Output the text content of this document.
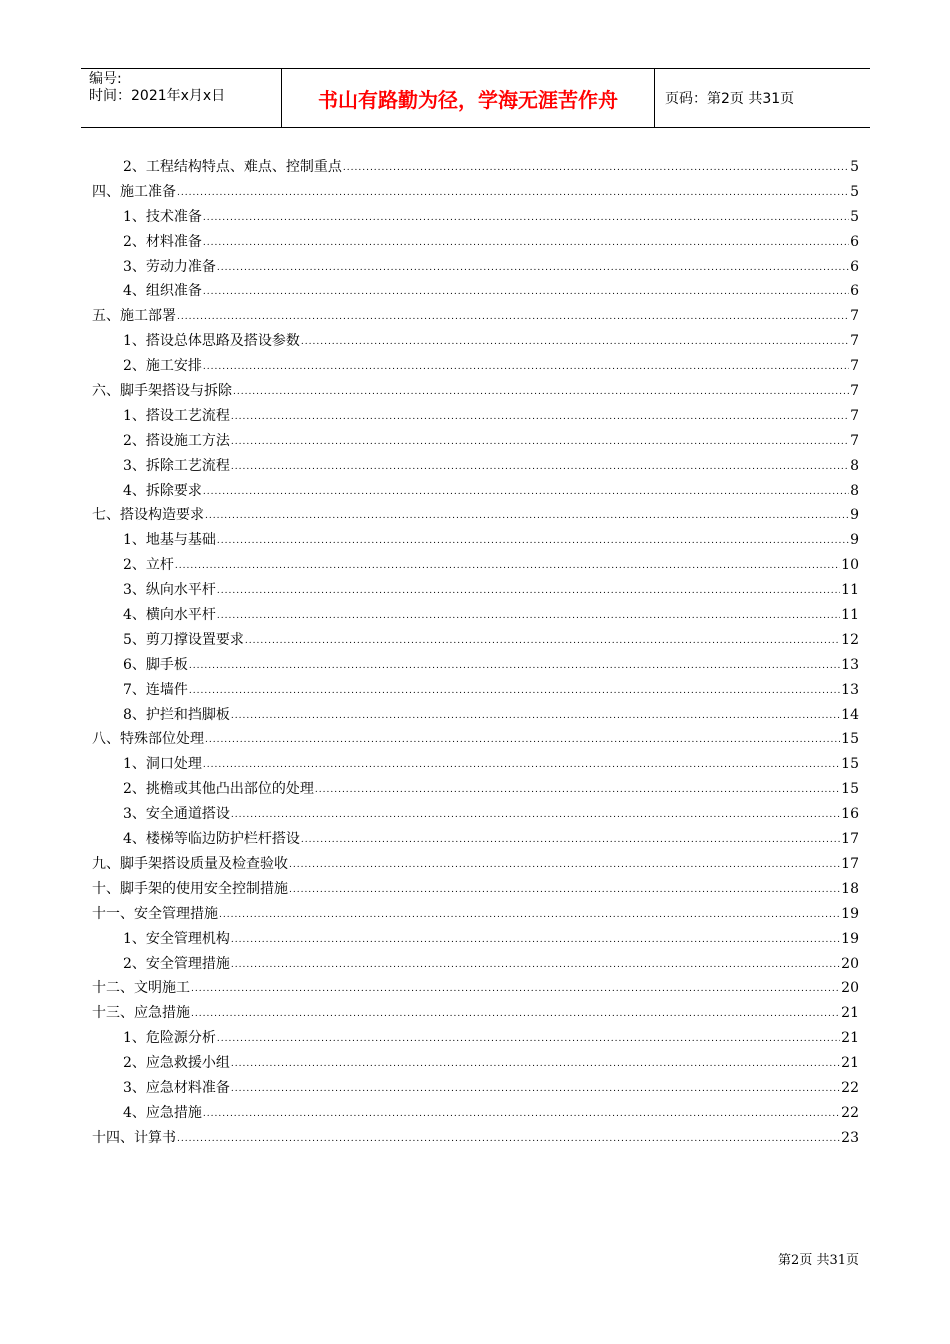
编号:
时间：2021年x月x日	书山有路勤为径，学海无涯苦作舟	页码：第2页 共31页
2、工程结构特点、难点、控制重点 .....	5
四、施工准备 .....	5
1、技术准备 .....	5
2、材料准备 .....	6
3、劳动力准备 .....	6
4、组织准备 .....	6
五、施工部署 .....	7
1、搭设总体思路及搭设参数 .....	7
2、施工安排 .....	7
六、脚手架搭设与拆除 .....	7
1、搭设工艺流程 .....	7
2、搭设施工方法 .....	7
3、拆除工艺流程 .....	8
4、拆除要求 .....	8
七、搭设构造要求 .....	9
1、地基与基础 .....	9
2、立杆 .....	10
3、纵向水平杆 .....	11
4、横向水平杆 .....	11
5、剪刀撑设置要求 .....	12
6、脚手板 .....	13
7、连墙件 .....	13
8、护拦和挡脚板 .....	14
八、特殊部位处理 .....	15
1、洞口处理 .....	15
2、挑檐或其他凸出部位的处理 .....	15
3、安全通道搭设 .....	16
4、楼梯等临边防护栏杆搭设 .....	17
九、脚手架搭设质量及检查验收 .....	17
十、脚手架的使用安全控制措施 .....	18
十一、安全管理措施 .....	19
1、安全管理机构 .....	19
2、安全管理措施 .....	20
十二、文明施工 .....	20
十三、应急措施 .....	21
1、危险源分析 .....	21
2、应急救援小组 .....	21
3、应急材料准备 .....	22
4、应急措施 .....	22
十四、计算书 .....	23
第2页 共31页
